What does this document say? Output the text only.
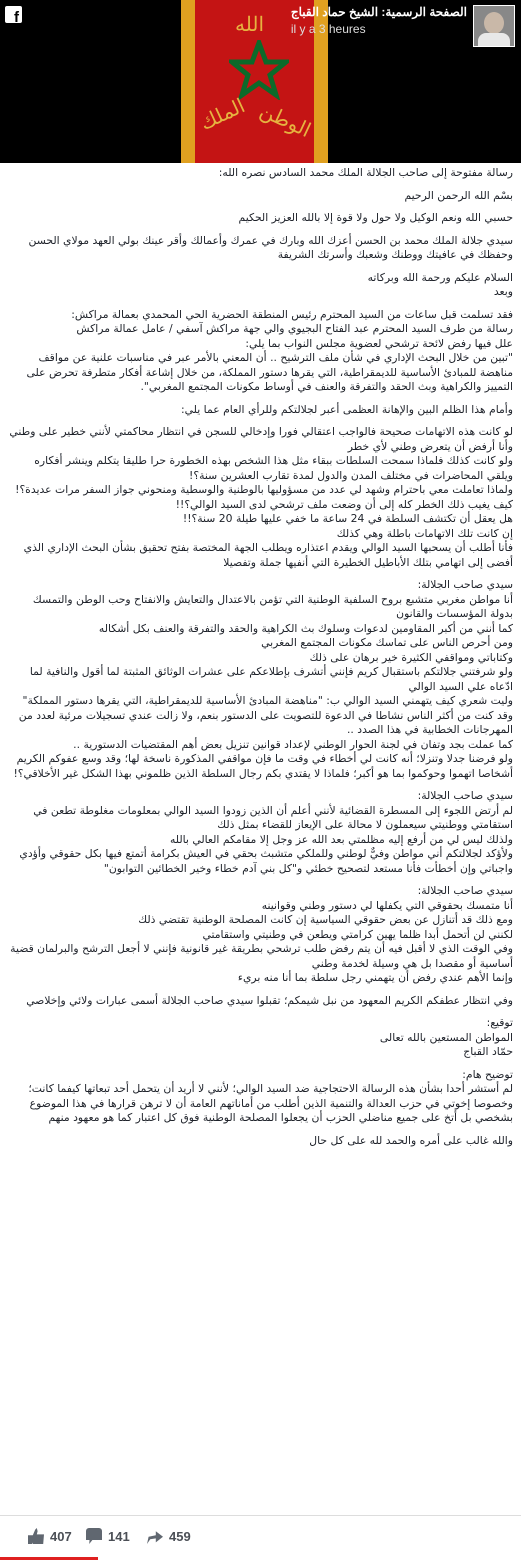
f	الله
الملك الوطن
الصفحة الرسمية: الشيخ حماد القباج
il y a 3 heures
رسالة مفتوحة إلى صاحب الجلالة الملك محمد السادس نصره الله:
بسْم الله الرحمن الرحيم
حسبي الله ونعم الوكيل ولا حول ولا قوة إلا بالله العزيز الحكيم
سيدي جلالة الملك محمد بن الحسن أعزك الله وبارك في عمرك وأعمالك وأقر عينك بولي العهد مولاي الحسن وحفظك في عافيتك ووطنك وشعبك وأسرتك الشريفة
السلام عليكم ورحمة الله وبركاته
وبعد
فقد تسلمت قبل ساعات من السيد المحترم رئيس المنطقة الحضرية الحي المحمدي بعمالة مراكش:
رسالة من طرف السيد المحترم عبد الفتاح البجيوي والي جهة مراكش آسفي / عامل عمالة مراكش
علل فيها رفض لائحة ترشحي لعضوية مجلس النواب بما يلي:
"تبين من خلال البحث الإداري في شأن ملف الترشيح .. أن المعني بالأمر عبر في مناسبات علنية عن مواقف مناهضة للمبادئ الأساسية للديمقراطية، التي يقرها دستور المملكة، من خلال إشاعة أفكار متطرفة تحرض على التمييز والكراهية وبث الحقد والتفرقة والعنف في أوساط مكونات المجتمع المغربي".
وأمام هذا الظلم البين والإهانة العظمى أعبر لجلالتكم وللرأي العام عما يلي:
لو كانت هذه الاتهامات صحيحة فالواجب اعتقالي فورا وإدخالي للسجن في انتظار محاكمتي لأنني خطير على وطني وأنا أرفض أن يتعرض وطني لأي خطر
ولو كانت كذلك فلماذا سمحت السلطات ببقاء مثل هذا الشخص بهذه الخطورة حرا طليقا يتكلم وينشر أفكاره ويلقي المحاضرات في مختلف المدن والدول لمدة تقارب العشرين سنة؟!
ولماذا تعاملت معي باحترام وشهد لي عدد من مسؤوليها بالوطنية والوسطية ومنحوني جواز السفر مرات عديدة؟!
كيف يغيب ذلك الخطر كله إلى أن وضعت ملف ترشحي لدى السيد الوالي؟!!
هل يعقل أن تكتشف السلطة في 24 ساعة ما خفي عليها طيلة 20 سنة؟!!
إن كانت تلك الاتهامات باطلة وهي كذلك
فأنا أطلب أن يسحبها السيد الوالي ويقدم اعتذاره ويطلب الجهة المختصة بفتح تحقيق بشأن البحث الإداري الذي أفضى إلى اتهامي بتلك الأباطيل الخطيرة التي أنفيها جملة وتفصيلا
سيدي صاحب الجلالة:
أنا مواطن مغربي متشبع بروح السلفية الوطنية التي تؤمن بالاعتدال والتعايش والانفتاح وحب الوطن والتمسك بدولة المؤسسات والقانون
كما أنني من أكبر المقاومين لدعوات وسلوك بث الكراهية والحقد والتفرقة والعنف بكل أشكاله
ومن أحرص الناس على تماسك مكونات المجتمع المغربي
وكتاباتي ومواقفي الكثيرة خير برهان على ذلك
ولو شرفتني جلالتكم باستقبال كريم فإنني أتشرف بإطلاعكم على عشرات الوثائق المثبتة لما أقول والنافية لما ادّعاه علي السيد الوالي
وليت شعري كيف يتهمني السيد الوالي ب: "مناهضة المبادئ الأساسية للديمقراطية، التي يقرها دستور المملكة"
وقد كنت من أكثر الناس نشاطا في الدعوة للتصويت على الدستور بنعم، ولا زالت عندي تسجيلات مرئية لعدد من المهرجانات الخطابية في هذا الصدد ..
كما عملت بجد وتفان في لجنة الحوار الوطني لإعداد قوانين تنزيل بعض أهم المقتضيات الدستورية ..
ولو فرضنا جدلا وتنزلا؛ أنه كانت لي أخطاء في وقت ما فإن مواقفي المذكورة ناسخة لها؛ وقد وسع عفوكم الكريم أشخاصا اتهموا وحوكموا بما هو أكبر؛ فلماذا لا يقتدي بكم رجال السلطة الذين ظلموني بهذا الشكل غير الأخلاقي؟!
سيدي صاحب الجلالة:
لم أرتض اللجوء إلى المسطرة القضائية لأنني أعلم أن الذين زودوا السيد الوالي بمعلومات مغلوطة تطعن في استقامتي ووطنيتي سيعملون لا محالة على الإيعاز للقضاء بمثل ذلك
ولذلك ليس لي من أرفع إليه مظلمتي بعد الله عز وجل إلا مقامكم العالي بالله
ولأؤكد لجلالتكم أني مواطن وفيٌّ لوطني وللملكي متشبث بحقي في العيش بكرامة أتمتع فيها بكل حقوقي وأؤدي واجباتي وإن أخطأت فأنا مستعد لتصحيح خطئي و"كل بني آدم خطاء وخير الخطائين التوابون"
سيدي صاحب الجلالة:
أنا متمسك بحقوقي التي يكفلها لي دستور وطني وقوانينه
ومع ذلك قد أتنازل عن بعض حقوقي السياسية إن كانت المصلحة الوطنية تقتضي ذلك
لكنني لن أتحمل أبدا ظلما يهين كرامتي ويطعن في وطنيتي واستقامتي
وفي الوقت الذي لا أقبل فيه أن يتم رفض طلب ترشحي بطريقة غير قانونية فإنني لا أجعل الترشح والبرلمان قضية أساسية أو مقصدا بل هي وسيلة لخدمة وطني
وإنما الأهم عندي رفض أن يتهمني رجل سلطة بما أنا منه بريء
وفي انتظار عطفكم الكريم المعهود من نبل شيمكم؛ تقبلوا سيدي صاحب الجلالة أسمى عبارات ولائي وإخلاصي
توقيع:
المواطن المستعين بالله تعالى
حمّاد القباج
توضيح هام:
لم أستشر أحدا بشأن هذه الرسالة الاحتجاجية ضد السيد الوالي؛ لأنني لا أريد أن يتحمل أحد تبعاتها كيفما كانت؛ وخصوصا إخوتي في حزب العدالة والتنمية الذين أطلب من أماناتهم العامة أن لا ترهن قرارها في هذا الموضوع بشخصي بل أتخ على جميع مناضلي الحزب أن يجعلوا المصلحة الوطنية فوق كل اعتبار كما هو معهود منهم
والله غالب على أمره والحمد لله على كل حال
407	141	459
